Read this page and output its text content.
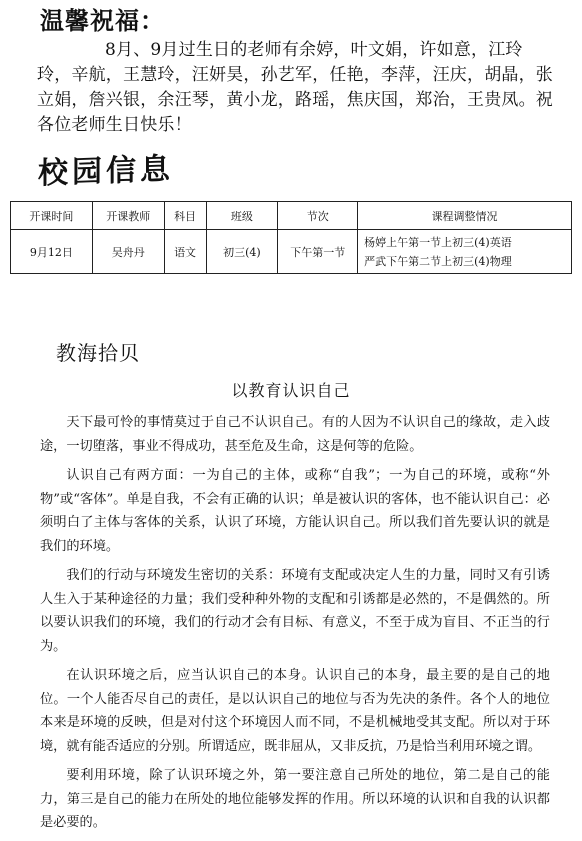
温馨祝福：
8月、9月过生日的老师有余婷，叶文娟，许如意，江玲玲，辛航，王慧玲，汪妍昊，孙艺军，任艳，李萍，汪庆，胡晶，张立娟，詹兴银，余汪琴，黄小龙，路瑶，焦庆国，郑治，王贵凤。祝各位老师生日快乐！
校园信息
开课时间	开课教师	科目	班级	节次	课程调整情况
9月12日	吴舟丹	语文	初三(4)	下午第一节	杨婷上午第一节上初三(4)英语
严武下午第二节上初三(4)物理
教海拾贝
以教育认识自己

天下最可怜的事情莫过于自己不认识自己。有的人因为不认识自己的缘故，走入歧途，一切堕落，事业不得成功，甚至危及生命，这是何等的危险。

认识自己有两方面：一为自己的主体，或称“自我”；一为自己的环境，或称“外物”或“客体”。单是自我，不会有正确的认识；单是被认识的客体，也不能认识自己：必须明白了主体与客体的关系，认识了环境，方能认识自己。所以我们首先要认识的就是我们的环境。

我们的行动与环境发生密切的关系：环境有支配或决定人生的力量，同时又有引诱人生入于某种途径的力量；我们受种种外物的支配和引诱都是必然的，不是偶然的。所以要认识我们的环境，我们的行动才会有目标、有意义，不至于成为盲目、不正当的行为。

在认识环境之后，应当认识自己的本身。认识自己的本身，最主要的是自己的地位。一个人能否尽自己的责任，是以认识自己的地位与否为先决的条件。各个人的地位本来是环境的反映，但是对付这个环境因人而不同，不是机械地受其支配。所以对于环境，就有能否适应的分别。所谓适应，既非屈从，又非反抗，乃是恰当利用环境之谓。

要利用环境，除了认识环境之外，第一要注意自己所处的地位，第二是自己的能力，第三是自己的能力在所处的地位能够发挥的作用。所以环境的认识和自我的认识都是必要的。
